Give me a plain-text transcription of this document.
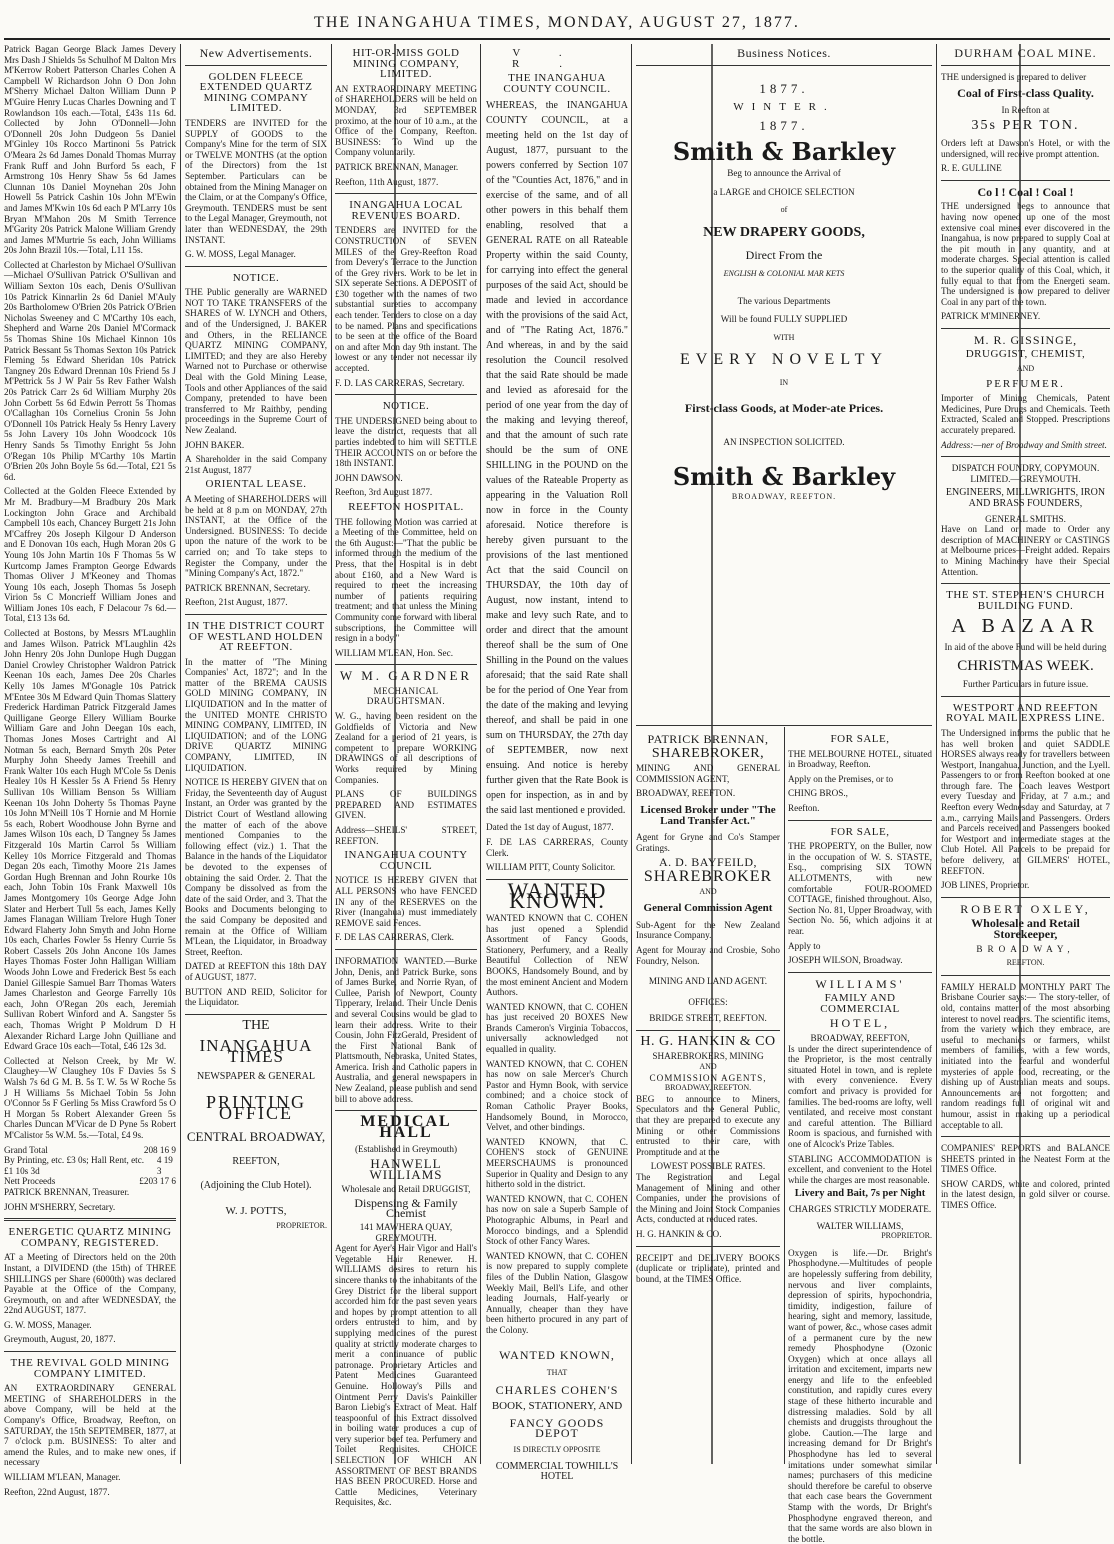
THE INANGAHUA TIMES, MONDAY, AUGUST 27, 1877.

Patrick Bagan George Black James Devery Mrs Dash J Shields 5s Schulhof M Dalton Mrs M'Kerrow Robert Patterson Charles Cohen A Campbell W Richardson John O Don John M'Sherry Michael Dalton William Dunn P M'Guire Henry Lucas Charles Downing and T Rowlandson 10s each.—Total, £43s 11s 6d. Collected by John O'Donnell—John O'Donnell 20s John Dudgeon 5s Daniel M'Ginley 10s Rocco Martinoni 5s Patrick O'Meara 2s 6d James Donald Thomas Murray Frank Ruff and John Burford 5s each, F Armstrong 10s Henry Shaw 5s 6d James Clunnan 10s Daniel Moynehan 20s John Howell 5s Patrick Cashin 10s John M'Ewin and James M'Kwin 10s 6d each P M'Larry 10s Bryan M'Mahon 20s M Smith Terrence M'Garity 20s Patrick Malone William Grendy and James M'Murtrie 5s each, John Williams 20s John Brazil 10s.—Total, L11 15s.

Collected at Charleston by Michael O'Sullivan—Michael O'Sullivan Patrick O'Sullivan and William Sexton 10s each, Denis O'Sullivan 10s Patrick Kinnarlin 2s 6d Daniel M'Auly 20s Bartholomew O'Brien 20s Patrick O'Brien Nicholas Sweeney and C M'Carthy 10s each, Shepherd and Warne 20s Daniel M'Cormack 5s Thomas Shine 10s Michael Kinnon 10s Patrick Bessant 5s Thomas Sexton 10s Patrick Fleming 5s Edward Sheridan 10s Patrick Tangney 20s Edward Drennan 10s Friend 5s J M'Pettrick 5s J W Pair 5s Rev Father Walsh 20s Patrick Carr 2s 6d William Murphy 20s John Corbett 5s 6d Edwin Perrott 5s Thomas O'Callaghan 10s Cornelius Cronin 5s John O'Donnell 10s Patrick Healy 5s Henry Lavery 5s John Lavery 10s John Woodcock 10s Henry Sands 5s Timothy Enright 5s John O'Regan 10s Philip M'Carthy 10s Martin O'Brien 20s John Boyle 5s 6d.—Total, £21 5s 6d.

Collected at the Golden Fleece Extended by Mr M. Bradbury—M Bradbury 20s Mark Lockington John Grace and Archibald Campbell 10s each, Chancey Burgett 21s John M'Caffrey 20s Joseph Kilgour D Anderson and E Donovan 10s each, Hugh Moran 20s G Young 10s John Martin 10s F Thomas 5s W Kurtcomp James Frampton George Edwards Thomas Oliver J M'Keoney and Thomas Young 10s each, Joseph Thomas 5s Joseph Virion 5s C Moncrieff William Jones and William Jones 10s each, F Delacour 7s 6d.—Total, £13 13s 6d.

Collected at Bostons, by Messrs M'Laughlin and James Wilson. Patrick M'Laughlin 42s John Henry 20s John Dunlope Hugh Duggan Daniel Crowley Christopher Waldron Patrick Keenan 10s each, James Dee 20s Charles Kelly 10s James M'Gonagle 10s Patrick M'Entee 30s M Edward Quin Thomas Slattery Frederick Hardiman Patrick Fitzgerald James Quilligane George Ellery William Bourke William Gare and John Deegan 10s each, Thomas Jones Moses Cartright and Al Notman 5s each, Bernard Smyth 20s Peter Murphy John Sheedy James Treehill and Frank Walter 10s each Hugh M'Cole 5s Denis Healey 10s H Kessler 5s A Friend 5s Henry Sullivan 10s William Benson 5s William Keenan 10s John Doherty 5s Thomas Payne 10s John M'Neill 10s T Hornie and M Hornie 5s each, Robert Woodhouse John Byrne and James Wilson 10s each, D Tangney 5s James Fitzgerald 10s Martin Carrol 5s William Kelley 10s Morrice Fitzgerald and Thomas Degan 20s each, Timothy Moore 21s James Gordan Hugh Brennan and John Rourke 10s each, John Tobin 10s Frank Maxwell 10s James Montgomery 10s George Adge John Slater and Herbert Tull 5s each, James Kelly James Flanagan William Trelore Hugh Toner Edward Flaherty John Smyth and John Horne 10s each, Charles Fowler 5s Henry Currie 5s Robert Cassels 20s John Ancone 10s James Hayes Thomas Foster John Halligan William Woods John Lowe and Frederick Best 5s each Daniel Gillespie Samuel Barr Thomas Waters James Charleston and George Farrelly 10s each, John O'Regan 20s each, Jeremiah Sullivan Robert Winford and A. Sangster 5s each, Thomas Wright P Moldrum D H Alexander Richard Large John Quilliane and Edward Grace 10s each—Total, £46 12s 3d.

Collected at Nelson Creek, by Mr W. Claughey—W Claughey 10s F Davies 5s S Walsh 7s 6d G M. B. 5s T. W. 5s W Roche 5s J H Williams 5s Michael Tobin 5s John O'Connor 5s F Gerling 5s Miss Crawford 5s O H Morgan 5s Robert Alexander Green 5s Charles Duncan M'Vicar de D Pyne 5s Robert M'Calistor 5s W.M. 5s.—Total, £4 9s.

Grand Total	208 16 9
By Printing, etc. £3 0s; Hall Rent, etc. £1 10s 3d
4 19 3
Nett Proceeds	£203 17 6

PATRICK BRENNAN, Treasurer.

JOHN M'SHERRY, Secretary.

ENERGETIC QUARTZ MINING COMPANY, REGISTERED.

AT a Meeting of Directors held on the 20th Instant, a DIVIDEND (the 15th) of THREE SHILLINGS per Share (6000th) was declared Payable at the Office of the Company, Greymouth, on and after WEDNESDAY, the 22nd AUGUST, 1877.

G. W. MOSS, Manager.

Greymouth, August, 20, 1877.

THE REVIVAL GOLD MINING COMPANY LIMITED.

AN EXTRAORDINARY GENERAL MEETING of SHAREHOLDERS in the above Company, will be held at the Company's Office, Broadway, Reefton, on SATURDAY, the 15th SEPTEMBER, 1877, at 7 o'clock p.m. BUSINESS: To alter and amend the Rules, and to make new ones, if necessary

WILLIAM M'LEAN, Manager.

Reefton, 22nd August, 1877.

New Advertisements.
GOLDEN FLEECE EXTENDED QUARTZ MINING COMPANY LIMITED.

TENDERS are INVITED for the SUPPLY of GOODS to the Company's Mine for the term of SIX or TWELVE MONTHS (at the option of the Directors) from the 1st September. Particulars can be obtained from the Mining Manager on the Claim, or at the Company's Office, Greymouth. TENDERS must be sent to the Legal Manager, Greymouth, not later than WEDNESDAY, the 29th INSTANT.

G. W. MOSS, Legal Manager.

NOTICE.

THE Public generally are WARNED NOT TO TAKE TRANSFERS of the SHARES of W. LYNCH and Others, and of the Undersigned, J. BAKER and Others, in the RELIANCE QUARTZ MINING COMPANY, LIMITED; and they are also Hereby Warned not to Purchase or otherwise Deal with the Gold Mining Lease, Tools and other Appliances of the said Company, pretended to have been transferred to Mr Raithby, pending proceedings in the Supreme Court of New Zealand.

JOHN BAKER.

A Shareholder in the said Company 21st August, 1877

ORIENTAL LEASE.

A Meeting of SHAREHOLDERS will be held at 8 p.m on MONDAY, 27th INSTANT, at the Office of the Undersigned. BUSINESS: To decide upon the nature of the work to be carried on; and To take steps to Register the Company, under the "Mining Company's Act, 1872."

PATRICK BRENNAN, Secretary.

Reefton, 21st August, 1877.

IN THE DISTRICT COURT OF WESTLAND HOLDEN AT REEFTON.

In the matter of "The Mining Companies' Act, 1872"; and In the matter of the BREMA CAUSIS GOLD MINING COMPANY, IN LIQUIDATION and In the matter of the UNITED MONTE CHRISTO MINING COMPANY, LIMITED, IN LIQUIDATION; and of the LONG DRIVE QUARTZ MINING COMPANY, LIMITED, IN LIQUIDATION.

NOTICE IS HEREBY GIVEN that on Friday, the Seventeenth day of August Instant, an Order was granted by the District Court of Westland allowing the matter of each of the above mentioned Companies to the following effect (viz.) 1. That the Balance in the hands of the Liquidator be devoted to the expenses of obtaining the said Order. 2. That the Company be dissolved as from the date of the said Order, and 3. That the Books and Documents belonging to the said Company be deposited and remain at the Office of William M'Lean, the Liquidator, in Broadway Street, Reefton.

DATED at REEFTON this 18th DAY of AUGUST, 1877.

BUTTON AND REID, Solicitor for the Liquidator.

THE
INANGAHUA TIMES
NEWSPAPER & GENERAL
PRINTING OFFICE
CENTRAL BROADWAY,
REEFTON,
(Adjoining the Club Hotel).
W. J. POTTS,
PROPRIETOR.
HIT-OR-MISS GOLD MINING COMPANY, LIMITED.

AN EXTRAORDINARY MEETING of SHAREHOLDERS will be held on MONDAY, 3rd SEPTEMBER proximo, at the hour of 10 a.m., at the Office of the Company, Reefton. BUSINESS: To Wind up the Company voluntarily.

PATRICK BRENNAN, Manager.

Reefton, 11th August, 1877.

INANGAHUA LOCAL REVENUES BOARD.

TENDERS are INVITED for the CONSTRUCTION of SEVEN MILES of the Grey-Reefton Road from Devery's Terrace to the Junction of the Grey rivers. Work to be let in SIX seperate Sections. A DEPOSIT of £30 together with the names of two substantial sureties to accompany each tender. Tenders to close on a day to be named. Plans and specifications to be seen at the office of the Board on and after Mon day 9th instant. The lowest or any tender not necessar ily accepted.

F. D. LAS CARRERAS, Secretary.

NOTICE.

THE UNDERSIGNED being about to leave the district, requests that all parties indebted to him will SETTLE THEIR ACCOUNTS on or before the 18th INSTANT.

JOHN DAWSON.

Reefton, 3rd August 1877.

REEFTON HOSPITAL.

THE following Motion was carried at a Meeting of the Committee, held on the 6th August:—"That the public be informed through the medium of the Press, that the Hospital is in debt about £160, and a New Ward is required to meet the increasing number of patients requiring treatment; and that unless the Mining Community come forward with liberal subscriptions, the Committee will resign in a body."

WILLIAM M'LEAN, Hon. Sec.

W M. GARDNER
MECHANICAL DRAUGHTSMAN.

W. G., having been resident on the Goldfields of Victoria and New Zealand for a period of 21 years, is competent to prepare WORKING DRAWINGS of all descriptions of Works required by Mining Companies.

PLANS OF BUILDINGS PREPARED AND ESTIMATES GIVEN.

Address—SHEILS' STREET, REEFTON.

INANGAHUA COUNTY COUNCIL

NOTICE IS HEREBY GIVEN that ALL PERSONS who have FENCED IN any of the RESERVES on the River (Inangahua) must immediately REMOVE said Fences.

F. DE LAS CARRERAS, Clerk.

INFORMATION WANTED.—Burke John, Denis, and Patrick Burke, sons of James Burke, and Norrie Ryan, of Cullee, Parish of Newport, County Tipperary, Ireland. Their Uncle Denis and several Cousins would be glad to learn their address. Write to their Cousin, John FitzGerald, President of the First National Bank of Plattsmouth, Nebraska, United States, America. Irish and Catholic papers in Australia, and general newspapers in New Zealand, please publish and send bill to above address.

MEDICAL HALL
(Established in Greymouth)
HANWELL WILLIAMS
Wholesale and Retail DRUGGIST,
Dispensing & Family Chemist
141 MAWHERA QUAY, GREYMOUTH.

Agent for Ayer's Hair Vigor and Hall's Vegetable Hair Renewer. H. WILLIAMS desires to return his sincere thanks to the inhabitants of the Grey District for the liberal support accorded him for the past seven years and hopes by prompt attention to all orders entrusted to him, and by supplying medicines of the purest quality at strictly moderate charges to merit a continuance of public patronage. Proprietary Articles and Patent Medicines Guaranteed Genuine. Holloway's Pills and Ointment Perry Davis's Painkiller Baron Liebig's Extract of Meat. Half teaspoonful of this Extract dissolved in boiling water produces a cup of very superior beef tea. Perfumery and Toilet Requisites. CHOICE SELECTION OF WHICH AN ASSORTMENT OF BEST BRANDS HAS BEEN PROCURED. Horse and Cattle Medicines, Veterinary Requisites, &c.

V. R.
THE INANGAHUA COUNTY COUNCIL.

WHEREAS, the INANGAHUA COUNTY COUNCIL, at a meeting held on the 1st day of August, 1877, pursuant to the powers conferred by Section 107 of the "Counties Act, 1876," and in exercise of the same, and of all other powers in this behalf them enabling, resolved that a GENERAL RATE on all Rateable Property within the said County, for carrying into effect the general purposes of the said Act, should be made and levied in accordance with the provisions of the said Act, and of "The Rating Act, 1876." And whereas, in and by the said resolution the Council resolved that the said Rate should be made and levied as aforesaid for the period of one year from the day of the making and levying thereof, and that the amount of such rate should be the sum of ONE SHILLING in the POUND on the values of the Rateable Property as appearing in the Valuation Roll now in force in the County aforesaid. Notice therefore is hereby given pursuant to the provisions of the last mentioned Act that the said Council on THURSDAY, the 10th day of August, now instant, intend to make and levy such Rate, and to order and direct that the amount thereof shall be the sum of One Shilling in the Pound on the values aforesaid; that the said Rate shall be for the period of One Year from the date of the making and levying thereof, and shall be paid in one sum on THURSDAY, the 27th day of SEPTEMBER, now next ensuing. And notice is hereby further given that the Rate Book is open for inspection, as in and by the said last mentioned e provided.

Dated the 1st day of August, 1877.

F. DE LAS CARRERAS, County Clerk.

WILLIAM PITT, County Solicitor.

WANTED KNOWN.

WANTED KNOWN that C. COHEN has just opened a Splendid Assortment of Fancy Goods, Stationery, Perfumery, and a Really Beautiful Collection of NEW BOOKS, Handsomely Bound, and by the most eminent Ancient and Modern Authors.

WANTED KNOWN, that C. COHEN has just received 20 BOXES New Brands Cameron's Virginia Tobaccos, universally acknowledged not equalled in quality.

WANTED KNOWN, that C. COHEN has now on sale Mercer's Church Pastor and Hymn Book, with service combined; and a choice stock of Roman Catholic Prayer Books, Handsomely Bound, in Morocco, Velvet, and other bindings.

WANTED KNOWN, that C. COHEN'S stock of GENUINE MEERSCHAUMS is pronounced Superior in Quality and Design to any hitherto sold in the district.

WANTED KNOWN, that C. COHEN has now on sale a Superb Sample of Photographic Albums, in Pearl and Morocco bindings, and a Splendid Stock of other Fancy Wares.

WANTED KNOWN, that C. COHEN is now prepared to supply complete files of the Dublin Nation, Glasgow Weekly Mail, Bell's Life, and other leading Journals, Half-yearly or Annually, cheaper than they have been hitherto procured in any part of the Colony.

WANTED KNOWN,
THAT
CHARLES COHEN'S
BOOK, STATIONERY, AND
FANCY GOODS DEPOT
IS DIRECTLY OPPOSITE
COMMERCIAL TOWHILL'S HOTEL
Business Notices.
1877.
WINTER.
1877.
Smith & Barkley
Beg to announce the Arrival of
a LARGE and CHOICE SELECTION
of
NEW DRAPERY GOODS,
Direct From the
ENGLISH & COLONIAL MAR KETS
The various Departments
Will be found FULLY SUPPLIED
WITH
EVERY NOVELTY
IN
First-class Goods, at Moder-ate Prices.
AN INSPECTION SOLICITED.
Smith & Barkley
BROADWAY, REEFTON.
PATRICK BRENNAN,
SHAREBROKER,

MINING AND GENERAL COMMISSION AGENT,

BROADWAY, REEFTON.

Licensed Broker under "The Land Transfer Act."

Agent for Gryne and Co's Stamper Gratings.

A. D. BAYFEILD,
SHAREBROKER
AND
General Commission Agent

Sub-Agent for the New Zealand Insurance Company.

Agent for Mouray and Crosbie, Soho Foundry, Nelson.

MINING AND LAND AGENT.
OFFICES:
BRIDGE STREET, REEFTON.
H. G. HANKIN & CO
SHAREBROKERS, MINING
AND
COMMISSION AGENTS,
BROADWAY, REEFTON.

BEG to announce to Miners, Speculators and the General Public, that they are prepared to execute any Mining or other Commissions entrusted to their care, with Promptitude and at the

LOWEST POSSIBLE RATES.

The Registration and Legal Management of Mining and other Companies, under the provisions of the Mining and Joint Stock Companies Acts, conducted at reduced rates.

H. G. HANKIN & CO.

RECEIPT and DELIVERY BOOKS (duplicate or triplicate), printed and bound, at the TIMES Office.

FOR SALE,

THE MELBOURNE HOTEL, situated in Broadway, Reefton.

Apply on the Premises, or to

CHING BROS.,

Reefton.

FOR SALE,

THE PROPERTY, on the Buller, now in the occupation of W. S. STASTE, Esq., comprising SIX TOWN ALLOTMENTS, with new comfortable FOUR-ROOMED COTTAGE, finished throughout. Also, Section No. 81, Upper Broadway, with Section No. 56, which adjoins it at rear.

Apply to

JOSEPH WILSON, Broadway.

WILLIAMS'
FAMILY AND COMMERCIAL
HOTEL,
BROADWAY, REEFTON,

Is under the direct superintendence of the Proprietor, is the most centrally situated Hotel in town, and is replete with every convenience. Every comfort and privacy is provided for families. The bed-rooms are lofty, well ventilated, and receive most constant and careful attention. The Billiard Room is spacious, and furnished with one of Alcock's Prize Tables.

STABLING ACCOMMODATION is excellent, and convenient to the Hotel while the charges are most reasonable.

Livery and Bait, 7s per Night
CHARGES STRICTLY MODERATE.
WALTER WILLIAMS,
PROPRIETOR.

Oxygen is life.—Dr. Bright's Phosphodyne.—Multitudes of people are hopelessly suffering from debility, nervous and liver complaints, depression of spirits, hypochondria, timidity, indigestion, failure of hearing, sight and memory, lassitude, want of power, &c., whose cases admit of a permanent cure by the new remedy Phosphodyne (Ozonic Oxygen) which at once allays all irritation and excitement, imparts new energy and life to the enfeebled constitution, and rapidly cures every stage of these hitherto incurable and distressing maladies. Sold by all chemists and druggists throughout the globe. Caution.—The large and increasing demand for Dr Bright's Phosphodyne has led to several imitations under somewhat similar names; purchasers of this medicine should therefore be careful to observe that each case bears the Government Stamp with the words, Dr Bright's Phosphodyne engraved thereon, and that the same words are also blown in the bottle.

DURHAM COAL MINE.

THE undersigned is prepared to deliver

Coal of First-class Quality.
In Reefton at
35s PER TON.

Orders left at Dawson's Hotel, or with the undersigned, will receive prompt attention.

R. E. GULLINE

Co l ! Coal ! Coal !

THE undersigned begs to announce that having now opened up one of the most extensive coal mines ever discovered in the Inangahua, is now prepared to supply Coal at the pit mouth in any quantity, and at moderate charges. Special attention is called to the superior quality of this Coal, which, it fully equal to that from the Energeti seam. The undersigned is now prepared to deliver Coal in any part of the town.

PATRICK M'MINERNEY.

M. R. GISSINGE,
DRUGGIST, CHEMIST,
AND
PERFUMER.

Importer of Mining Chemicals, Patent Medicines, Pure Drugs and Chemicals. Teeth Extracted, Scaled and Stopped. Prescriptions accurately prepared.

Address:—ner of Broadway and Smith street.

DISPATCH FOUNDRY, COPYMOUN. LIMITED.—GREYMOUTH.
ENGINEERS, MILLWRIGHTS, IRON AND BRASS FOUNDERS,
GENERAL SMITHS.

Have on Land or made to Order any description of MACHINERY or CASTINGS at Melbourne prices—Freight added. Repairs to Mining Machinery have their Special Attention.

THE ST. STEPHEN'S CHURCH BUILDING FUND.
A BAZAAR
In aid of the above Fund will be held during
CHRISTMAS WEEK.
Further Particulars in future issue.
WESTPORT AND REEFTON ROYAL MAIL EXPRESS LINE.

The Undersigned informs the public that he has well broken and quiet SADDLE HORSES always ready for travellers between Westport, Inangahua, Junction, and the Lyell. Passengers to or from Reefton booked at one through fare. The Coach leaves Westport every Tuesday and Friday, at 7 a.m.; and Reefton every Wednesday and Saturday, at 7 a.m., carrying Mails and Passengers. Orders and Parcels received and Passengers booked for Westport and intermediate stages at the Club Hotel. All Parcels to be prepaid for before delivery, at GILMERS' HOTEL, REEFTON.

JOB LINES, Proprietor.

ROBERT OXLEY,
Wholesale and Retail
Storekeeper,
BROADWAY,
REEFTON.

FAMILY HERALD MONTHLY PART The Brisbane Courier says:— The story-teller, of old, contains matter of the most absorbing interest to novel readers. The scientific items, from the variety which they embrace, are useful to mechanics or farmers, whilst members of families, with a few words, initiated into the fearful and wonderful mysteries of apple food, recreating, or the dishing up of Australian meats and soups. Announcements are not forgotten; and random readings full of original wit and humour, assist in making up a periodical acceptable to all.

COMPANIES' REPORTS and BALANCE SHEETS printed in the Neatest Form at the TIMES Office.

SHOW CARDS, white and colored, printed in the latest design, in gold silver or course. TIMES Office.
